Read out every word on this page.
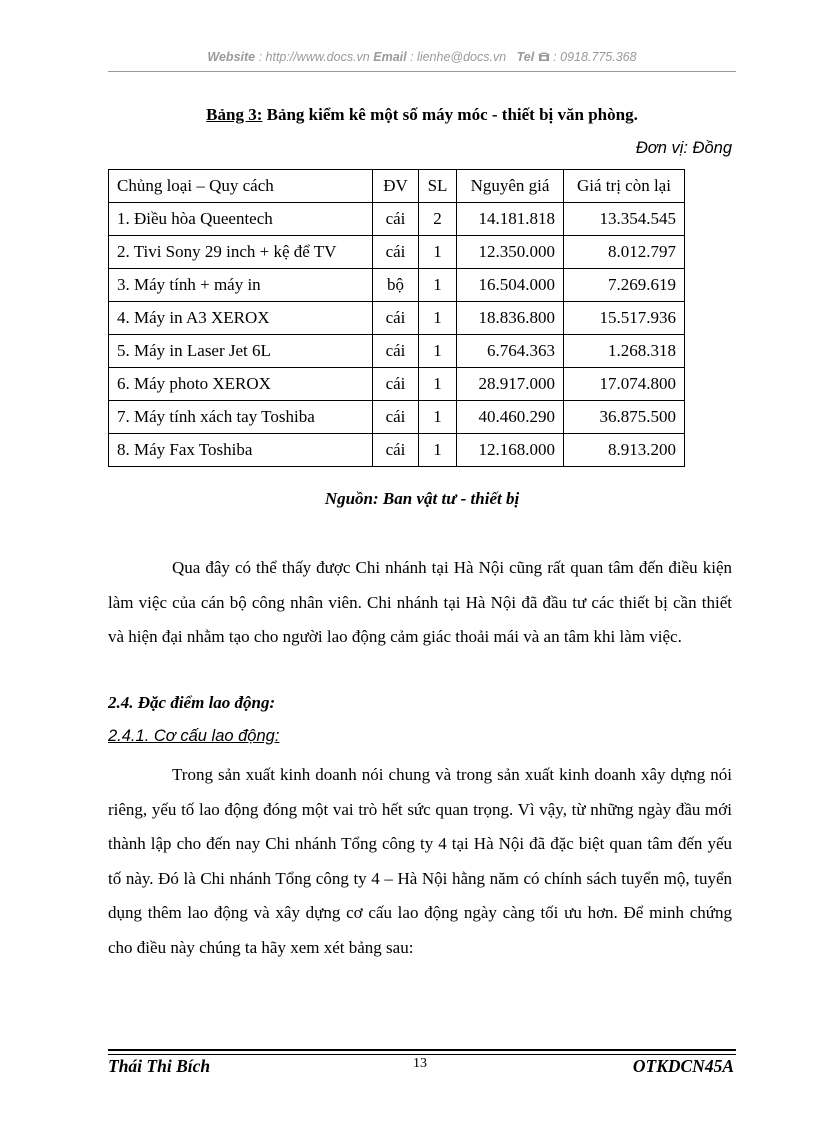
Website : http://www.docs.vn Email : lienhe@docs.vn Tel : 0918.775.368
Bảng 3: Bảng kiểm kê một số máy móc - thiết bị văn phòng.
Đơn vị: Đồng
Chủng loại – Quy cách	ĐV	SL	Nguyên giá	Giá trị còn lại
1. Điều hòa Queentech	cái	2	14.181.818	13.354.545
2. Tivi Sony 29 inch + kệ để TV	cái	1	12.350.000	8.012.797
3. Máy tính + máy in	bộ	1	16.504.000	7.269.619
4. Máy in A3 XEROX	cái	1	18.836.800	15.517.936
5. Máy in Laser Jet 6L	cái	1	6.764.363	1.268.318
6. Máy photo XEROX	cái	1	28.917.000	17.074.800
7. Máy tính xách tay Toshiba	cái	1	40.460.290	36.875.500
8. Máy Fax Toshiba	cái	1	12.168.000	8.913.200
Nguồn: Ban vật tư - thiết bị

Qua đây có thể thấy được Chi nhánh tại Hà Nội cũng rất quan tâm đến điều kiện làm việc của cán bộ công nhân viên. Chi nhánh tại Hà Nội đã đầu tư các thiết bị cần thiết và hiện đại nhằm tạo cho người lao động cảm giác thoải mái và an tâm khi làm việc.

2.4. Đặc điểm lao động:
2.4.1. Cơ cấu lao động:

Trong sản xuất kinh doanh nói chung và trong sản xuất kinh doanh xây dựng nói riêng, yếu tố lao động đóng một vai trò hết sức quan trọng. Vì vậy, từ những ngày đầu mới thành lập cho đến nay Chi nhánh Tổng công ty 4 tại Hà Nội đã đặc biệt quan tâm đến yếu tố này. Đó là Chi nhánh Tổng công ty 4 – Hà Nội hằng năm có chính sách tuyển mộ, tuyển dụng thêm lao động và xây dựng cơ cấu lao động ngày càng tối ưu hơn. Để minh chứng cho điều này chúng ta hãy xem xét bảng sau:

Thái Thi Bích	13	OTKDCN45A
